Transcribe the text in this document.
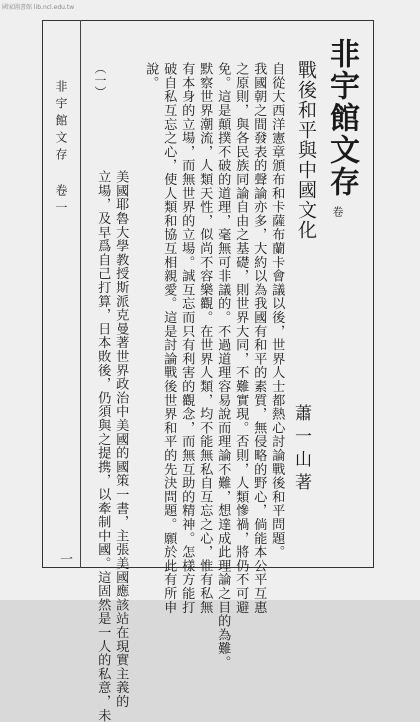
國家圖書館 lib.ncl.edu.tw
非宇館文存
卷
戰後和平與中國文化
蕭一山著
自從大西洋憲章頒布和卡薩布蘭卡會議以後，世界人士都熱心討論戰後和平問題。
我國朝之間發表的聲論亦多，大約以為我國有和平的素質，無侵略的野心，倘能本公平互惠
之原則，與各民族同論自由之基礎，則世界大同，不難實現。否則，人類慘禍，將仍不可避
免。這是顛撲不破的道理，毫無可非議的。不過道理容易說而理論不難，想達成此理論之目的為難。
默察世界潮流，人類天性，似尚不容樂觀。在世界人類，均不能無私自互忘之心，惟有私無
有本身的立場，而無世界的立場。誠互忘而只有利害的觀念，而無互助的精神。怎樣方能打
破自私互忘之心，使人類和協互相親愛。這是討論戰後世界和平的先決問題。願於此有所申
說。
（一）
美國耶魯大學教授斯派克曼著世界政治中美國的國策一書，主張美國應該站在現實主義的
立場，及早爲自己打算，日本敗後，仍須與之提携，以牽制中國。這固然是一人的私意，未
非宇館文存 卷一
一
